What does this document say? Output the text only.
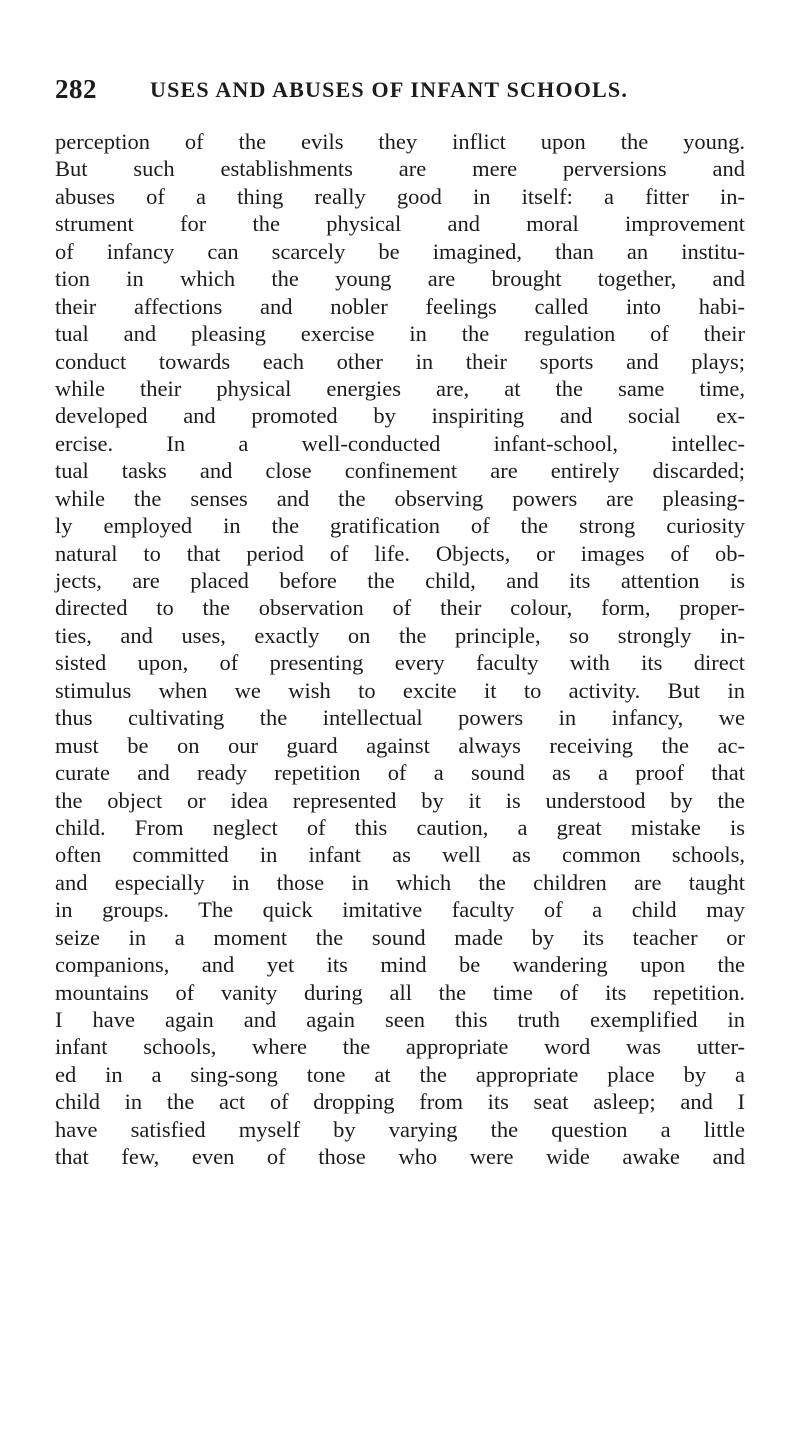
282 USES AND ABUSES OF INFANT SCHOOLS.
perception of the evils they inflict upon the young.
But such establishments are mere perversions and
abuses of a thing really good in itself: a fitter in-
strument for the physical and moral improvement
of infancy can scarcely be imagined, than an institu-
tion in which the young are brought together, and
their affections and nobler feelings called into habi-
tual and pleasing exercise in the regulation of their
conduct towards each other in their sports and plays;
while their physical energies are, at the same time,
developed and promoted by inspiriting and social ex-
ercise. In a well-conducted infant-school, intellec-
tual tasks and close confinement are entirely discarded;
while the senses and the observing powers are pleasing-
ly employed in the gratification of the strong curiosity
natural to that period of life. Objects, or images of ob-
jects, are placed before the child, and its attention is
directed to the observation of their colour, form, proper-
ties, and uses, exactly on the principle, so strongly in-
sisted upon, of presenting every faculty with its direct
stimulus when we wish to excite it to activity. But in
thus cultivating the intellectual powers in infancy, we
must be on our guard against always receiving the ac-
curate and ready repetition of a sound as a proof that
the object or idea represented by it is understood by the
child. From neglect of this caution, a great mistake is
often committed in infant as well as common schools,
and especially in those in which the children are taught
in groups. The quick imitative faculty of a child may
seize in a moment the sound made by its teacher or
companions, and yet its mind be wandering upon the
mountains of vanity during all the time of its repetition.
I have again and again seen this truth exemplified in
infant schools, where the appropriate word was utter-
ed in a sing-song tone at the appropriate place by a
child in the act of dropping from its seat asleep; and I
have satisfied myself by varying the question a little
that few, even of those who were wide awake and
